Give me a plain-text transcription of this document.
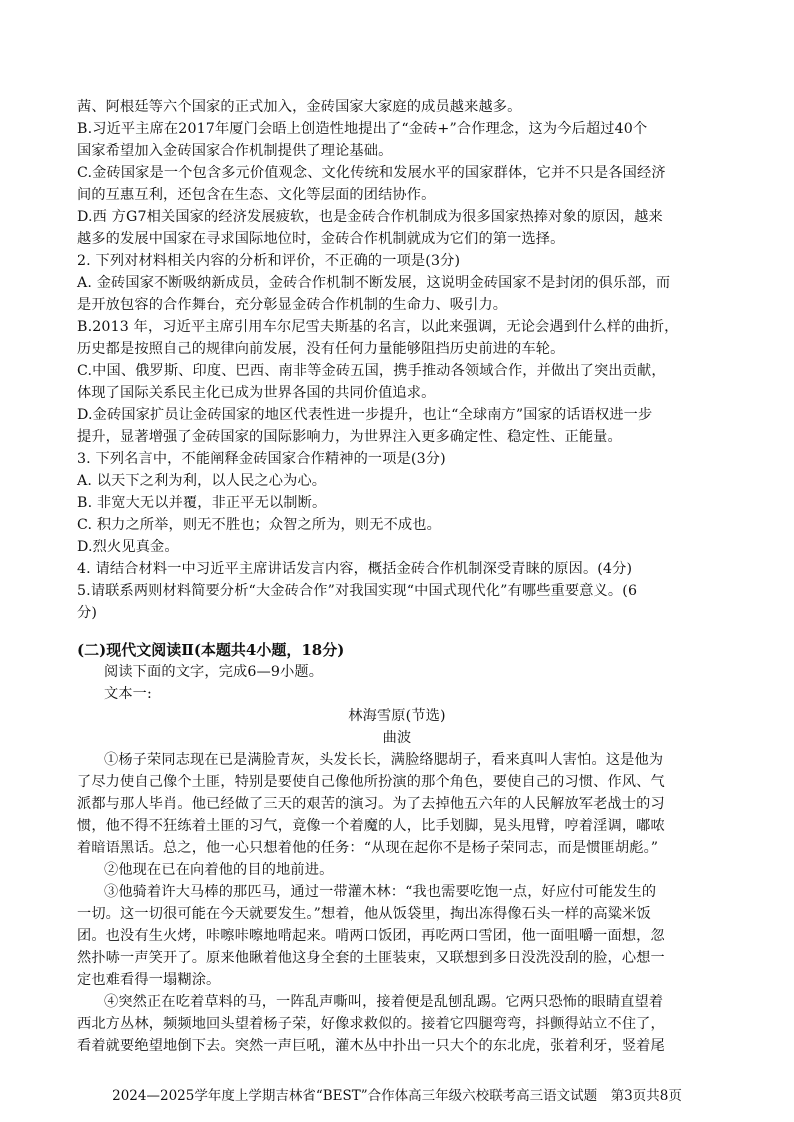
茜、阿根廷等六个国家的正式加入，金砖国家大家庭的成员越来越多。
B.习近平主席在2017年厦门会晤上创造性地提出了“金砖+”合作理念，这为今后超过40个
国家希望加入金砖国家合作机制提供了理论基础。
C.金砖国家是一个包含多元价值观念、文化传统和发展水平的国家群体，它并不只是各国经济
间的互惠互利，还包含在生态、文化等层面的团结协作。
D.西 方G7相关国家的经济发展疲软，也是金砖合作机制成为很多国家热捧对象的原因，越来
越多的发展中国家在寻求国际地位时，金砖合作机制就成为它们的第一选择。
2. 下列对材料相关内容的分析和评价，不正确的一项是(3分)
A. 金砖国家不断吸纳新成员，金砖合作机制不断发展，这说明金砖国家不是封闭的俱乐部，而
是开放包容的合作舞台，充分彰显金砖合作机制的生命力、吸引力。
B.2013 年，习近平主席引用车尔尼雪夫斯基的名言，以此来强调，无论会遇到什么样的曲折，
历史都是按照自己的规律向前发展，没有任何力量能够阻挡历史前进的车轮。
C.中国、俄罗斯、印度、巴西、南非等金砖五国，携手推动各领域合作，并做出了突出贡献，
体现了国际关系民主化已成为世界各国的共同价值追求。
D.金砖国家扩员让金砖国家的地区代表性进一步提升，也让“全球南方”国家的话语权进一步
提升，显著增强了金砖国家的国际影响力，为世界注入更多确定性、稳定性、正能量。
3. 下列名言中，不能阐释金砖国家合作精神的一项是(3分)
A. 以天下之利为利，以人民之心为心。
B. 非宽大无以并覆，非正平无以制断。
C. 积力之所举，则无不胜也；众智之所为，则无不成也。
D.烈火见真金。
4. 请结合材料一中习近平主席讲话发言内容，概括金砖合作机制深受青睐的原因。(4分)
5.请联系两则材料简要分析“大金砖合作”对我国实现“中国式现代化”有哪些重要意义。(6
分)
(二)现代文阅读Ⅱ(本题共4小题，18分)
阅读下面的文字，完成6—9小题。
文本一:
林海雪原(节选)
曲波
①杨子荣同志现在已是满脸青灰，头发长长，满脸络腮胡子，看来真叫人害怕。这是他为
了尽力使自己像个土匪，特别是要使自己像他所扮演的那个角色，要使自己的习惯、作风、气
派都与那人毕肖。他已经做了三天的艰苦的演习。为了去掉他五六年的人民解放军老战士的习
惯，他不得不狂练着土匪的习气，竟像一个着魔的人，比手划脚，晃头甩臂，哼着淫调，嘟哝
着暗语黑话。总之，他一心只想着他的任务：“从现在起你不是杨子荣同志，而是惯匪胡彪。”
②他现在已在向着他的目的地前进。
③他骑着许大马棒的那匹马，通过一带灌木林：“我也需要吃饱一点，好应付可能发生的
一切。这一切很可能在今天就要发生。”想着，他从饭袋里，掏出冻得像石头一样的高粱米饭
团。也没有生火烤，咔嚓咔嚓地啃起来。啃两口饭团，再吃两口雪团，他一面咀嚼一面想，忽
然扑哧一声笑开了。原来他瞅着他这身全套的土匪装束，又联想到多日没洗没刮的脸，心想一
定也难看得一塌糊涂。
④突然正在吃着草料的马，一阵乱声嘶叫，接着便是乱刨乱踢。它两只恐怖的眼睛直望着
西北方丛林，频频地回头望着杨子荣，好像求救似的。接着它四腿弯弯，抖颤得站立不住了，
看着就要绝望地倒下去。突然一声巨吼，灌木丛中扑出一只大个的东北虎，张着利牙，竖着尾
2024—2025学年度上学期吉林省“BEST”合作体高三年级六校联考高三语文试题　第3页共8页
